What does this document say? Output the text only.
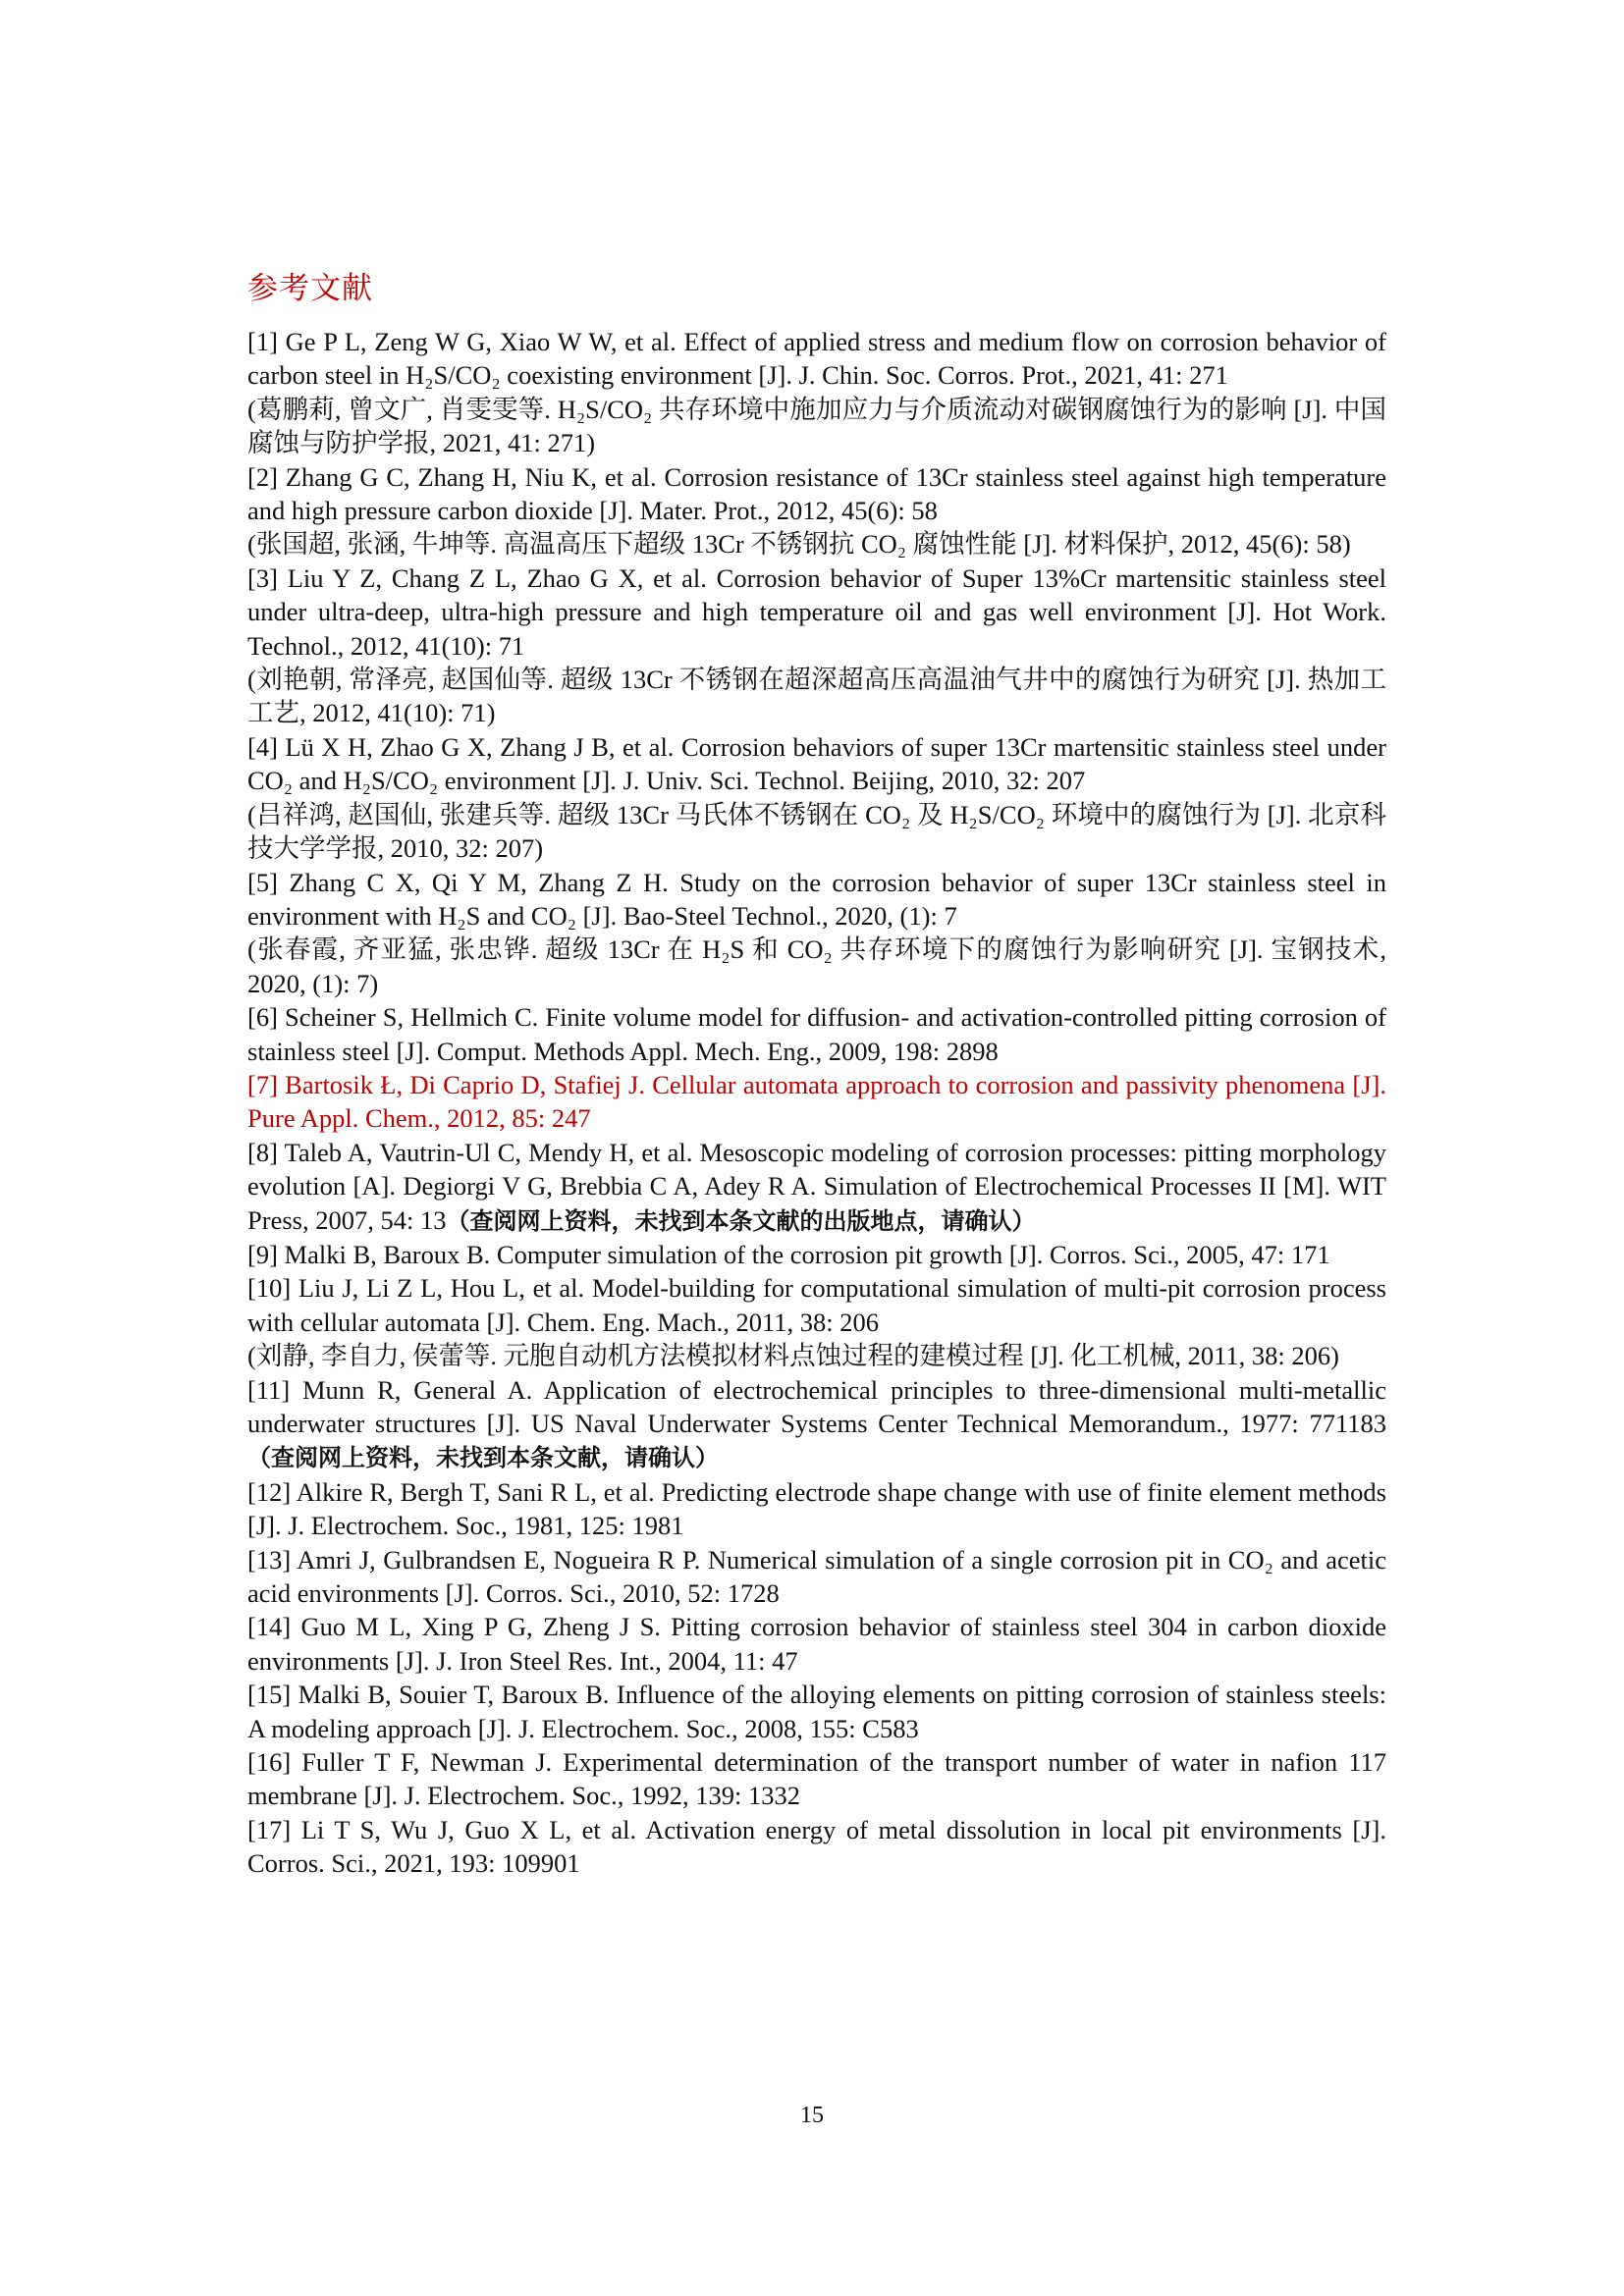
参考文献

[1] Ge P L, Zeng W G, Xiao W W, et al. Effect of applied stress and medium flow on corrosion behavior of carbon steel in H₂S/CO₂ coexisting environment [J]. J. Chin. Soc. Corros. Prot., 2021, 41: 271
(葛鹏莉, 曾文广, 肖雯雯等. H₂S/CO₂ 共存环境中施加应力与介质流动对碳钢腐蚀行为的影响 [J]. 中国腐蚀与防护学报, 2021, 41: 271)

[2] Zhang G C, Zhang H, Niu K, et al. Corrosion resistance of 13Cr stainless steel against high temperature and high pressure carbon dioxide [J]. Mater. Prot., 2012, 45(6): 58
(张国超, 张涵, 牛坤等. 高温高压下超级 13Cr 不锈钢抗 CO₂ 腐蚀性能 [J]. 材料保护, 2012, 45(6): 58)

[3] Liu Y Z, Chang Z L, Zhao G X, et al. Corrosion behavior of Super 13%Cr martensitic stainless steel under ultra-deep, ultra-high pressure and high temperature oil and gas well environment [J]. Hot Work. Technol., 2012, 41(10): 71
(刘艳朝, 常泽亮, 赵国仙等. 超级 13Cr 不锈钢在超深超高压高温油气井中的腐蚀行为研究 [J]. 热加工工艺, 2012, 41(10): 71)

[4] Lü X H, Zhao G X, Zhang J B, et al. Corrosion behaviors of super 13Cr martensitic stainless steel under CO₂ and H₂S/CO₂ environment [J]. J. Univ. Sci. Technol. Beijing, 2010, 32: 207
(吕祥鸿, 赵国仙, 张建兵等. 超级 13Cr 马氏体不锈钢在 CO₂ 及 H₂S/CO₂ 环境中的腐蚀行为 [J]. 北京科技大学学报, 2010, 32: 207)

[5] Zhang C X, Qi Y M, Zhang Z H. Study on the corrosion behavior of super 13Cr stainless steel in environment with H₂S and CO₂ [J]. Bao-Steel Technol., 2020, (1): 7
(张春霞, 齐亚猛, 张忠铧. 超级 13Cr 在 H₂S 和 CO₂ 共存环境下的腐蚀行为影响研究 [J]. 宝钢技术, 2020, (1): 7)

[6] Scheiner S, Hellmich C. Finite volume model for diffusion- and activation-controlled pitting corrosion of stainless steel [J]. Comput. Methods Appl. Mech. Eng., 2009, 198: 2898

[7] Bartosik Ł, Di Caprio D, Stafiej J. Cellular automata approach to corrosion and passivity phenomena [J]. Pure Appl. Chem., 2012, 85: 247

[8] Taleb A, Vautrin-Ul C, Mendy H, et al. Mesoscopic modeling of corrosion processes: pitting morphology evolution [A]. Degiorgi V G, Brebbia C A, Adey R A. Simulation of Electrochemical Processes II [M]. WIT Press, 2007, 54: 13（查阅网上资料，未找到本条文献的出版地点，请确认）

[9] Malki B, Baroux B. Computer simulation of the corrosion pit growth [J]. Corros. Sci., 2005, 47: 171

[10] Liu J, Li Z L, Hou L, et al. Model-building for computational simulation of multi-pit corrosion process with cellular automata [J]. Chem. Eng. Mach., 2011, 38: 206
(刘静, 李自力, 侯蕾等. 元胞自动机方法模拟材料点蚀过程的建模过程 [J]. 化工机械, 2011, 38: 206)

[11] Munn R, General A. Application of electrochemical principles to three-dimensional multi-metallic underwater structures [J]. US Naval Underwater Systems Center Technical Memorandum., 1977: 771183（查阅网上资料，未找到本条文献，请确认）

[12] Alkire R, Bergh T, Sani R L, et al. Predicting electrode shape change with use of finite element methods [J]. J. Electrochem. Soc., 1981, 125: 1981

[13] Amri J, Gulbrandsen E, Nogueira R P. Numerical simulation of a single corrosion pit in CO₂ and acetic acid environments [J]. Corros. Sci., 2010, 52: 1728

[14] Guo M L, Xing P G, Zheng J S. Pitting corrosion behavior of stainless steel 304 in carbon dioxide environments [J]. J. Iron Steel Res. Int., 2004, 11: 47

[15] Malki B, Souier T, Baroux B. Influence of the alloying elements on pitting corrosion of stainless steels: A modeling approach [J]. J. Electrochem. Soc., 2008, 155: C583

[16] Fuller T F, Newman J. Experimental determination of the transport number of water in nafion 117 membrane [J]. J. Electrochem. Soc., 1992, 139: 1332

[17] Li T S, Wu J, Guo X L, et al. Activation energy of metal dissolution in local pit environments [J]. Corros. Sci., 2021, 193: 109901

15
